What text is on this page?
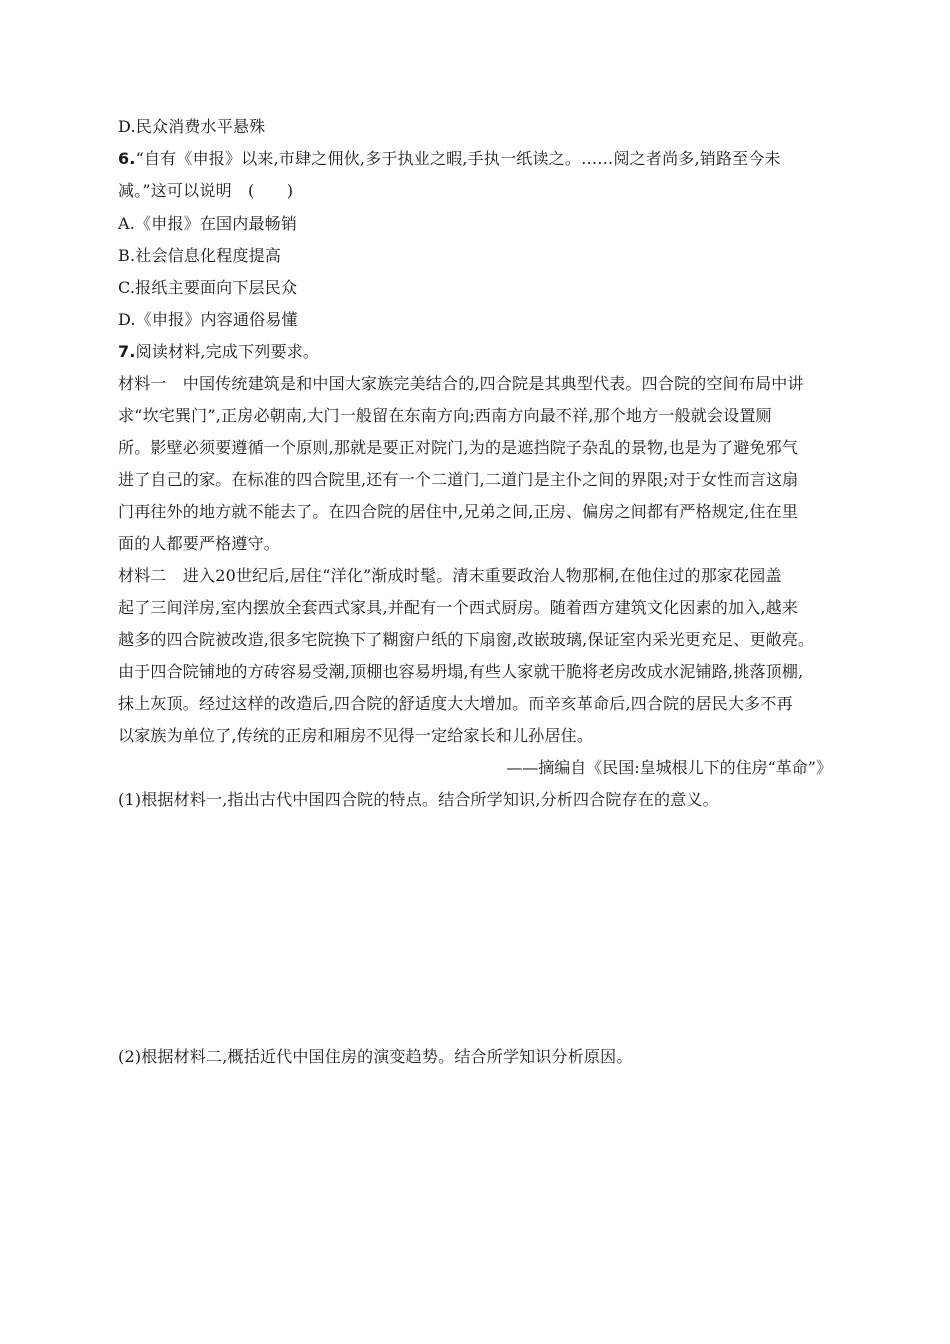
D.民众消费水平悬殊
6.“自有《申报》以来,市肆之佣伙,多于执业之暇,手执一纸读之。……阅之者尚多,销路至今未
减。”这可以说明　(　　)
A.《申报》在国内最畅销
B.社会信息化程度提高
C.报纸主要面向下层民众
D.《申报》内容通俗易懂
7.阅读材料,完成下列要求。
材料一　中国传统建筑是和中国大家族完美结合的,四合院是其典型代表。四合院的空间布局中讲
求“坎宅巽门”,正房必朝南,大门一般留在东南方向;西南方向最不祥,那个地方一般就会设置厕
所。影壁必须要遵循一个原则,那就是要正对院门,为的是遮挡院子杂乱的景物,也是为了避免邪气
进了自己的家。在标准的四合院里,还有一个二道门,二道门是主仆之间的界限;对于女性而言这扇
门再往外的地方就不能去了。在四合院的居住中,兄弟之间,正房、偏房之间都有严格规定,住在里
面的人都要严格遵守。
材料二　进入20世纪后,居住“洋化”渐成时髦。清末重要政治人物那桐,在他住过的那家花园盖
起了三间洋房,室内摆放全套西式家具,并配有一个西式厨房。随着西方建筑文化因素的加入,越来
越多的四合院被改造,很多宅院换下了糊窗户纸的下扇窗,改嵌玻璃,保证室内采光更充足、更敞亮。
由于四合院铺地的方砖容易受潮,顶棚也容易坍塌,有些人家就干脆将老房改成水泥铺路,挑落顶棚,
抹上灰顶。经过这样的改造后,四合院的舒适度大大增加。而辛亥革命后,四合院的居民大多不再
以家族为单位了,传统的正房和厢房不见得一定给家长和儿孙居住。
——摘编自《民国:皇城根儿下的住房“革命”》
(1)根据材料一,指出古代中国四合院的特点。结合所学知识,分析四合院存在的意义。
(2)根据材料二,概括近代中国住房的演变趋势。结合所学知识分析原因。
